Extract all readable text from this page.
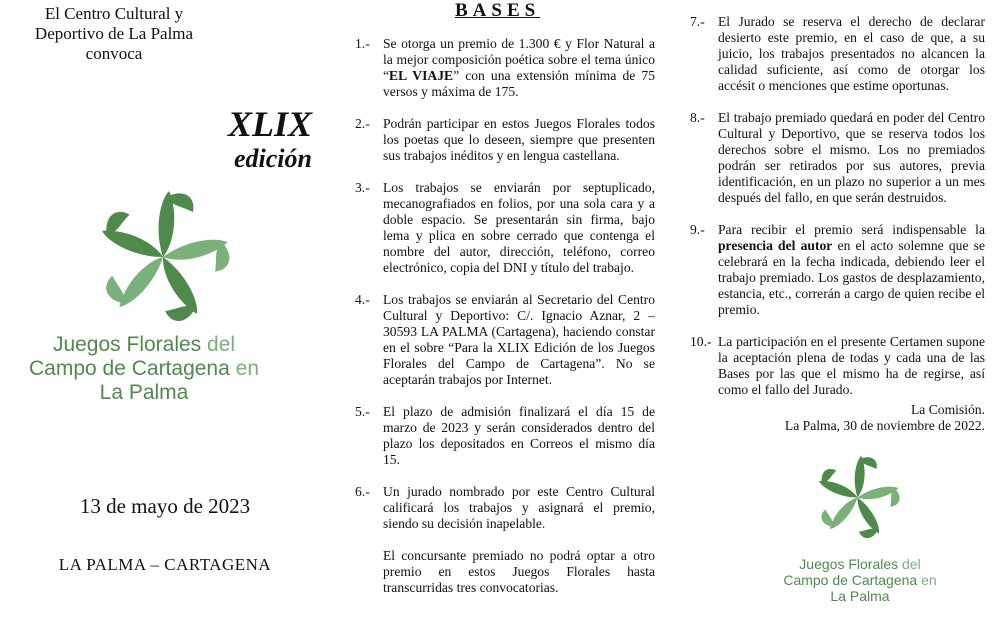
El Centro Cultural y
Deportivo de La Palma
convoca
XLIX
edición
Juegos Florales del
Campo de Cartagena en
La Palma
13 de mayo de 2023
LA PALMA – CARTAGENA
BASES
1.- Se otorga un premio de 1.300 € y Flor Natural a la mejor composición poética sobre el tema único “EL VIAJE” con una extensión mínima de 75 versos y máxima de 175.
2.- Podrán participar en estos Juegos Florales todos los poetas que lo deseen, siempre que presenten sus trabajos inéditos y en lengua castellana.
3.- Los trabajos se enviarán por septuplicado, mecanografiados en folios, por una sola cara y a doble espacio. Se presentarán sin firma, bajo lema y plica en sobre cerrado que contenga el nombre del autor, dirección, teléfono, correo electrónico, copia del DNI y título del trabajo.
4.- Los trabajos se enviarán al Secretario del Centro Cultural y Deportivo: C/. Ignacio Aznar, 2 – 30593 LA PALMA (Cartagena), haciendo constar en el sobre “Para la XLIX Edición de los Juegos Florales del Campo de Cartagena”. No se aceptarán trabajos por Internet.
5.- El plazo de admisión finalizará el día 15 de marzo de 2023 y serán considerados dentro del plazo los depositados en Correos el mismo día 15.
6.- Un jurado nombrado por este Centro Cultural calificará los trabajos y asignará el premio, siendo su decisión inapelable.
El concursante premiado no podrá optar a otro premio en estos Juegos Florales hasta transcurridas tres convocatorias.
7.- El Jurado se reserva el derecho de declarar desierto este premio, en el caso de que, a su juicio, los trabajos presentados no alcancen la calidad suficiente, así como de otorgar los accésit o menciones que estime oportunas.
8.- El trabajo premiado quedará en poder del Centro Cultural y Deportivo, que se reserva todos los derechos sobre el mismo. Los no premiados podrán ser retirados por sus autores, previa identificación, en un plazo no superior a un mes después del fallo, en que serán destruidos.
9.- Para recibir el premio será indispensable la presencia del autor en el acto solemne que se celebrará en la fecha indicada, debiendo leer el trabajo premiado. Los gastos de desplazamiento, estancia, etc., correrán a cargo de quien recibe el premio.
10.- La participación en el presente Certamen supone la aceptación plena de todas y cada una de las Bases por las que el mismo ha de regirse, así como el fallo del Jurado.
La Comisión.
La Palma, 30 de noviembre de 2022.
Juegos Florales del
Campo de Cartagena en
La Palma
